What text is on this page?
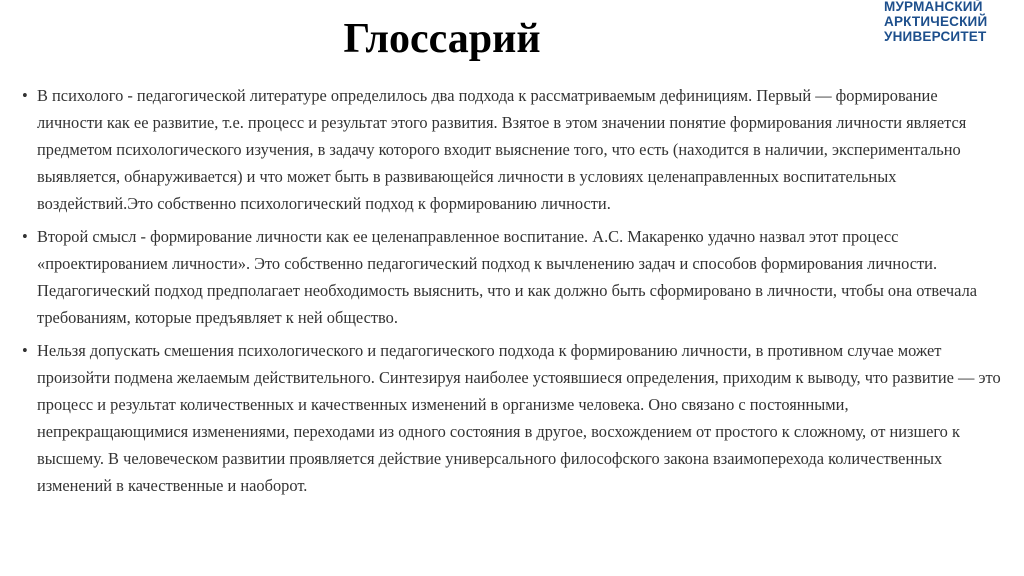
Глоссарий
МУРМАНСКИЙ
АРКТИЧЕСКИЙ
УНИВЕРСИТЕТ
• В психолого - педагогической литературе определилось два подхода к рассматриваемым дефинициям. Первый — формирование личности как ее развитие, т.е. процесс и результат этого развития. Взятое в этом значении понятие формирования личности является предметом психологического изучения, в задачу которого входит выяснение того, что есть (находится в наличии, экспериментально выявляется, обнаруживается) и что может быть в развивающейся личности в условиях целенаправленных воспитательных воздействий.Это собственно психологический подход к формированию личности.
• Второй смысл - формирование личности как ее целенаправленное воспитание. А.С. Макаренко удачно назвал этот процесс «проектированием личности». Это собственно педагогический подход к вычленению задач и способов формирования личности. Педагогический подход предполагает необходимость выяснить, что и как должно быть сформировано в личности, чтобы она отвечала требованиям, которые предъявляет к ней общество.
• Нельзя допускать смешения психологического и педагогического подхода к формированию личности, в противном случае может произойти подмена желаемым действительного. Синтезируя наиболее устоявшиеся определения, приходим к выводу, что развитие — это процесс и результат количественных и качественных изменений в организме человека. Оно связано с постоянными, непрекращающимися изменениями, переходами из одного состояния в другое, восхождением от простого к сложному, от низшего к высшему. В человеческом развитии проявляется действие универсального философского закона взаимоперехода количественных изменений в качественные и наоборот.
